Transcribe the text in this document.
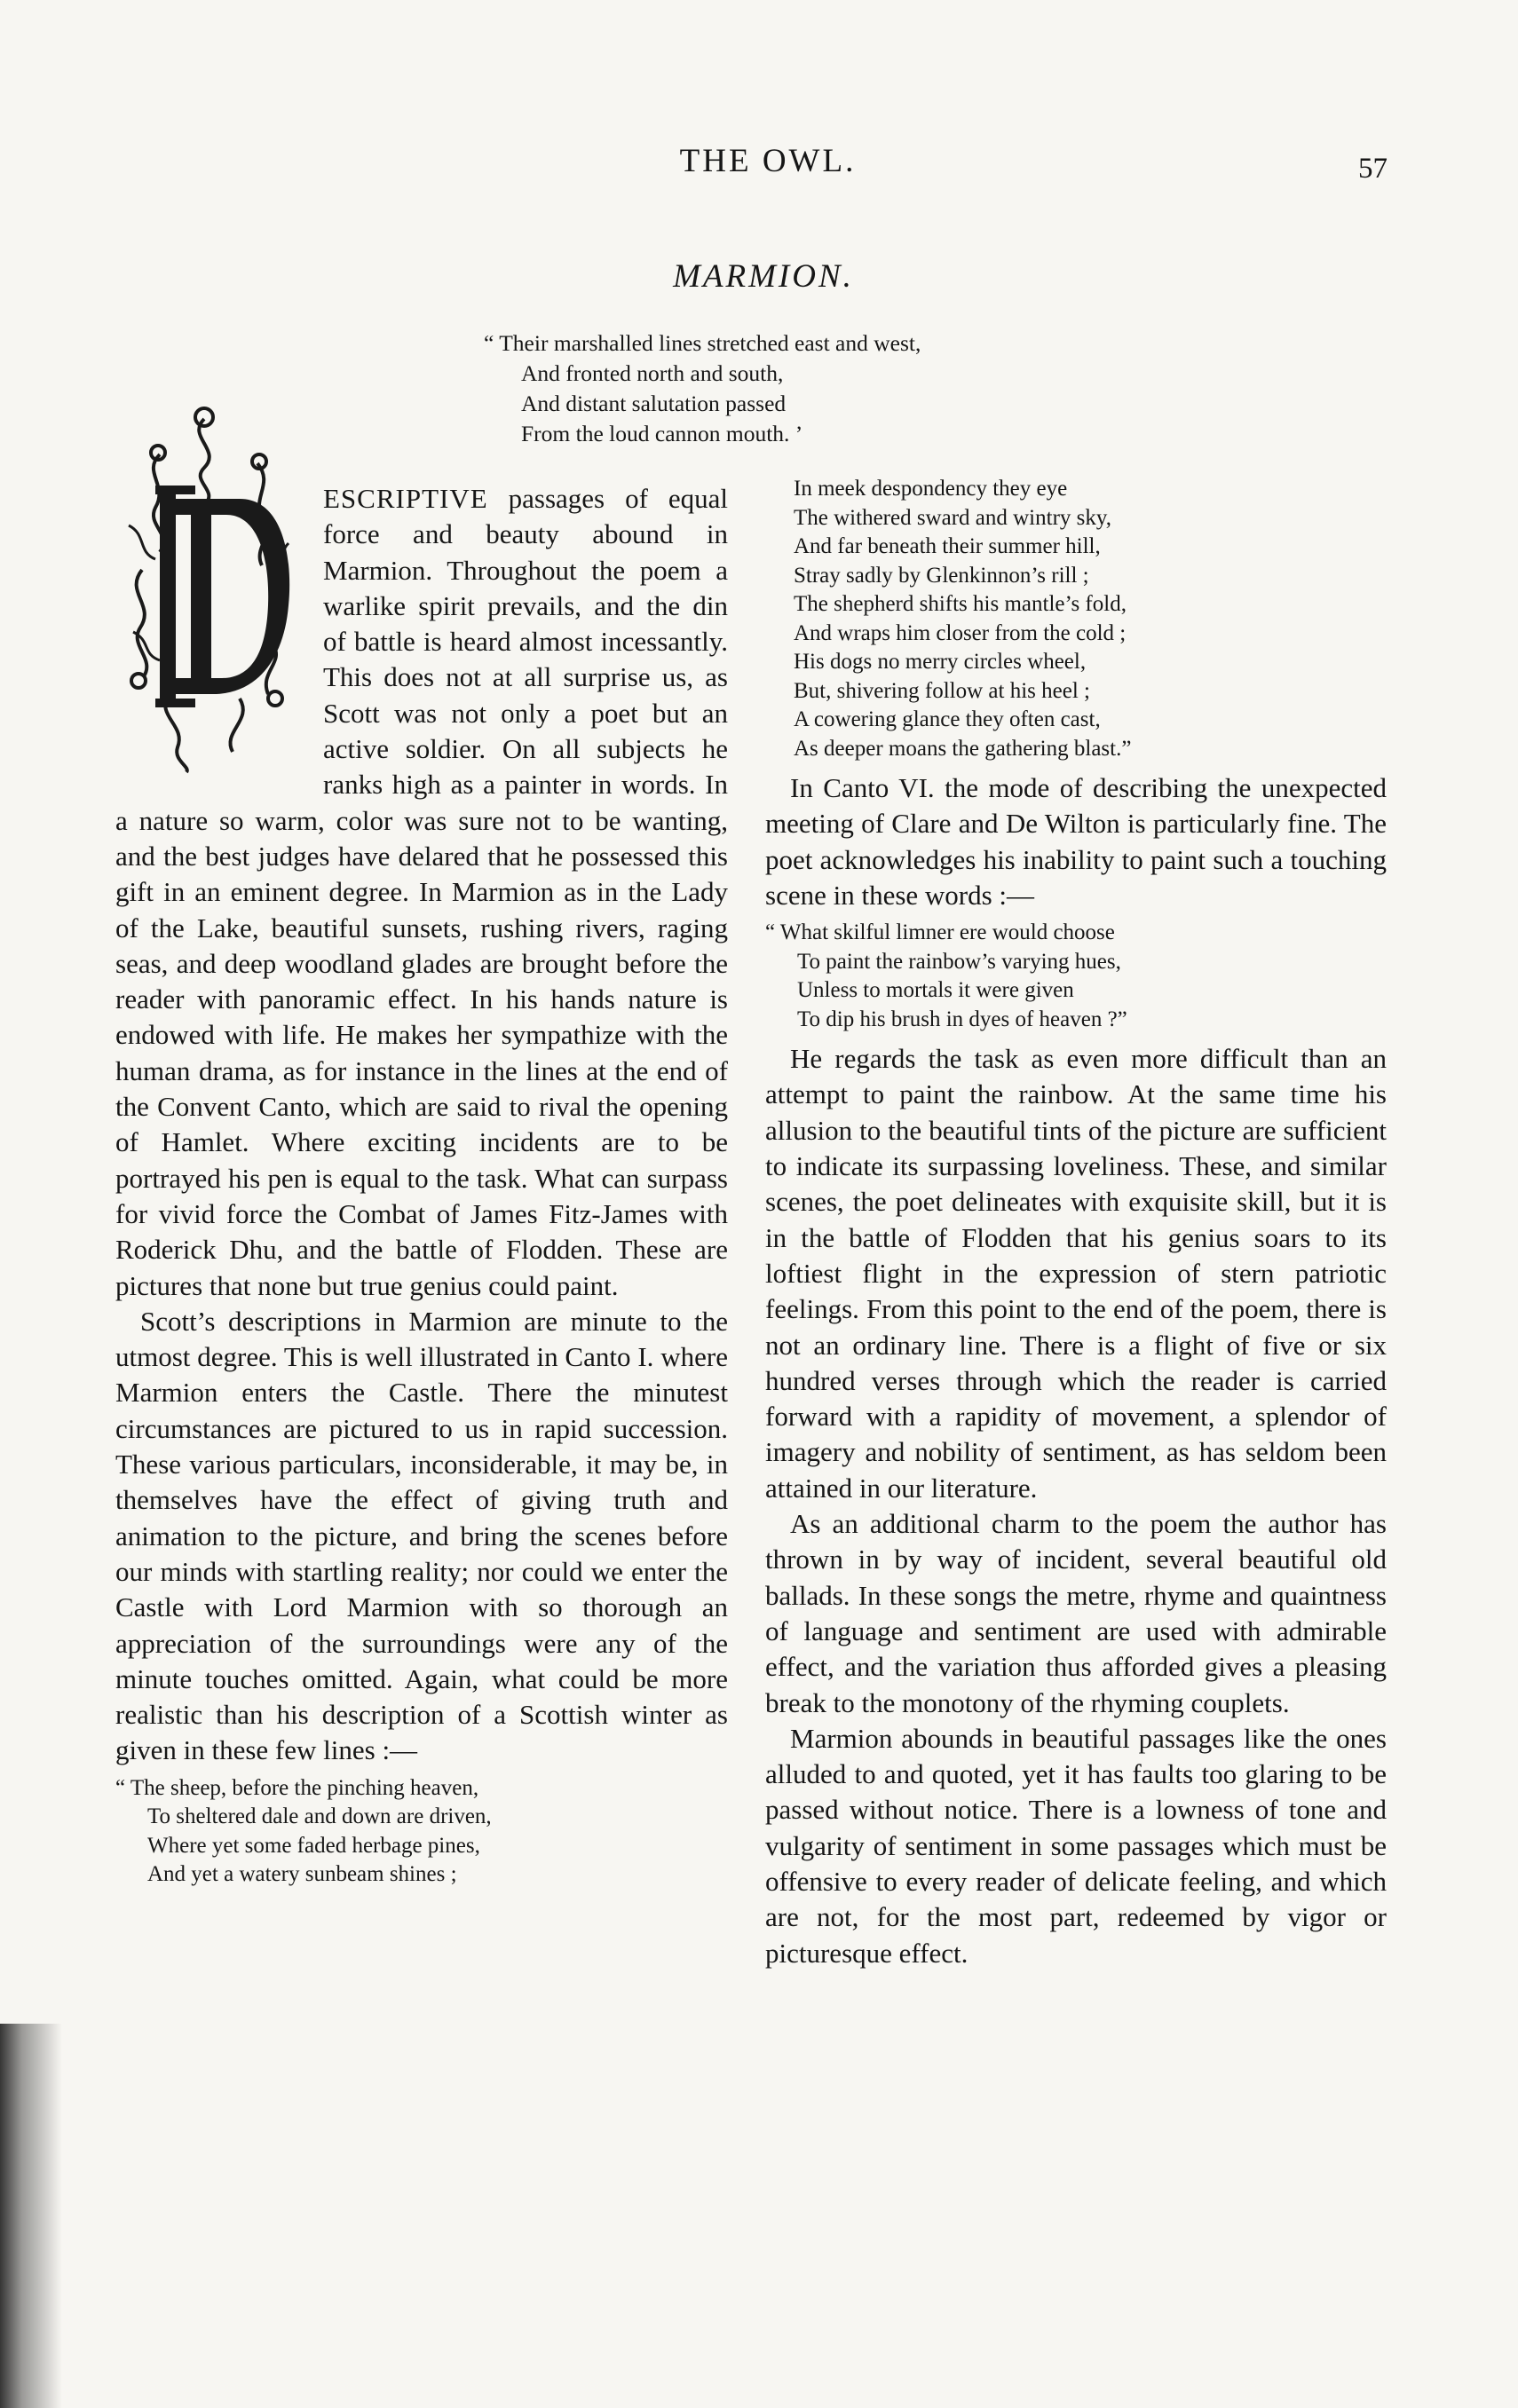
THE OWL.	57
MARMION.
“ Their marshalled lines stretched east and west,
And fronted north and south,
And distant salutation passed
From the loud cannon mouth. ’

ESCRIPTIVE passages of equal force and beauty abound in Marmion. Throughout the poem a warlike spirit prevails, and the din of battle is heard almost incessantly. This does not at all surprise us, as Scott was not only a poet but an active soldier. On all subjects he ranks high as a painter in words. In a nature so warm, color was sure not to be wanting, and the best judges have delared that he possessed this gift in an eminent degree. In Marmion as in the Lady of the Lake, beautiful sunsets, rushing rivers, raging seas, and deep woodland glades are brought before the reader with panoramic effect. In his hands nature is endowed with life. He makes her sympathize with the human drama, as for instance in the lines at the end of the Convent Canto, which are said to rival the opening of Hamlet. Where exciting incidents are to be portrayed his pen is equal to the task. What can surpass for vivid force the Combat of James Fitz-James with Roderick Dhu, and the battle of Flodden. These are pictures that none but true genius could paint.

Scott’s descriptions in Marmion are minute to the utmost degree. This is well illustrated in Canto I. where Marmion enters the Castle. There the minutest circumstances are pictured to us in rapid succession. These various particulars, inconsiderable, it may be, in themselves have the effect of giving truth and animation to the picture, and bring the scenes before our minds with startling reality; nor could we enter the Castle with Lord Marmion with so thorough an appreciation of the surroundings were any of the minute touches omitted. Again, what could be more realistic than his description of a Scottish winter as given in these few lines :—

“ The sheep, before the pinching heaven,
To sheltered dale and down are driven,
Where yet some faded herbage pines,
And yet a watery sunbeam shines ;
In meek despondency they eye
The withered sward and wintry sky,
And far beneath their summer hill,
Stray sadly by Glenkinnon’s rill ;
The shepherd shifts his mantle’s fold,
And wraps him closer from the cold ;
His dogs no merry circles wheel,
But, shivering follow at his heel ;
A cowering glance they often cast,
As deeper moans the gathering blast.”

In Canto VI. the mode of describing the unexpected meeting of Clare and De Wilton is particularly fine. The poet acknowledges his inability to paint such a touching scene in these words :—

“ What skilful limner ere would choose
To paint the rainbow’s varying hues,
Unless to mortals it were given
To dip his brush in dyes of heaven ?”

He regards the task as even more difficult than an attempt to paint the rainbow. At the same time his allusion to the beautiful tints of the picture are sufficient to indicate its surpassing loveliness. These, and similar scenes, the poet delineates with exquisite skill, but it is in the battle of Flodden that his genius soars to its loftiest flight in the expression of stern patriotic feelings. From this point to the end of the poem, there is not an ordinary line. There is a flight of five or six hundred verses through which the reader is carried forward with a rapidity of movement, a splendor of imagery and nobility of sentiment, as has seldom been attained in our literature.

As an additional charm to the poem the author has thrown in by way of incident, several beautiful old ballads. In these songs the metre, rhyme and quaintness of language and sentiment are used with admirable effect, and the variation thus afforded gives a pleasing break to the monotony of the rhyming couplets.

Marmion abounds in beautiful passages like the ones alluded to and quoted, yet it has faults too glaring to be passed without notice. There is a lowness of tone and vulgarity of sentiment in some passages which must be offensive to every reader of delicate feeling, and which are not, for the most part, redeemed by vigor or picturesque effect.
